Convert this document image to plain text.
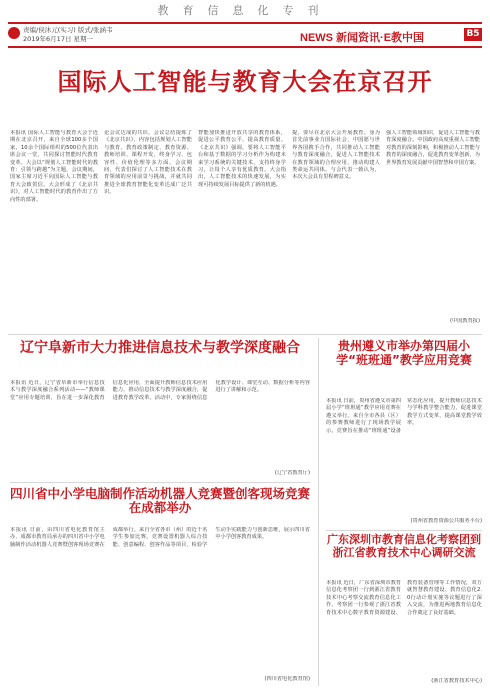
教育信息化专刊
责编/侯沐元(实习) 版式/张涵韦
2019年6月17日 星期一	NEWS 新闻资讯·E教中国	B5
国际人工智能与教育大会在京召开
本报讯 国际人工智能与教育大会于近期在北京召开，来自全球100多个国家、10余个国际组织的500位代表出席会议一堂，共同探讨智能时代教育变革。大会以“规划人工智能时代的教育：引领与跨越”为主题，会议期间，国家主席习近平向国际人工智能与教育大会致贺信。大会形成了《北京共识》，对人工智能时代的教育作出了方向性的部署。
论会议达成的共识，会议总结提炼了《北京共识》，内容包括规划人工智能与教育、教育政策制定、教育资源、教师培训、课程开发、终身学习、包容性、价值伦理等多方面。会议期间，代表们探讨了人工智能技术在教育领域的应用前景与挑战，并就共同推进全球教育智能化变革达成广泛共识。
智能加快推进开放共享的教育体系，促进公平教育公平，提高教育质量。《北京共识》强调，要将人工智能平台和基于数据的学习分析作为构建未来学习系统的关键技术，支持终身学习，让每个人享有优质教育。大会指出，人工智能技术的快速发展，为实现可持续发展目标提供了新的机遇。
提，要尽在北京大会开展教育。身为首先前事业力国际社会，中国愿与世界各国携手合作，共同推动人工智能与教育深度融合，促进人工智能技术在教育领域的合理应用，推动构建人类命运共同体。与会代表一致认为，本次大会具有里程碑意义。
强人工智能领域知识，促进人工智能与教育深度融合。中国政府高度重视人工智能对教育的深刻影响，积极推动人工智能与教育的深度融合，促进教育变革创新，为世界教育发展贡献中国智慧和中国方案。
(中国教育报)
辽宁阜新市大力推进信息技术与教学深度融合
本报讯 近日，辽宁省阜新市举行信息技术与教学深度融合系列活动——“教师课堂”应用专题培训，旨在进一步深化教育信息化应用，全面提升教师信息技术应用能力，推动信息技术与教学深度融合，促进教育教学改革。活动中，专家围绕信息化教学设计、课堂互动、数据分析等内容进行了讲解和示范。
(辽宁省教育厅)
四川省中小学电脑制作活动机器人竞赛暨创客现场竞赛在成都举办
本报讯 日前，由四川省电化教育馆主办、成都市教育局承办的四川省中小学电脑制作活动机器人竞赛暨创客现场竞赛在成都举行。来自全省各市（州）的近千名学生参加比赛。竞赛设置机器人综合技能、创意编程、创客作品等项目，检验学生动手实践能力与创新思维，展示四川省中小学创客教育成果。
(四川省电化教育馆)
贵州遵义市举办第四届小学“班班通”教学应用竞赛
本报讯 日前，贵州省遵义市第四届小学“班班通”教学应用竞赛在遵义举行。来自全市各县（区）的参赛教师进行了现场教学展示。竞赛旨在推动“班班通”设备常态化应用，提升教师信息技术与学科教学整合能力，促进课堂教学方式变革，提高课堂教学效率。
(贵州省教育资源公共服务平台)
广东深圳市教育信息化考察团到浙江省教育技术中心调研交流
本报讯 近日，广东省深圳市教育信息化考察团一行到浙江省教育技术中心考察交流教育信息化工作。考察团一行参观了浙江省教育技术中心数字教育资源建设、教育装备管理等工作情况，双方就智慧教育建设、教育信息化2.0行动计划实施等议题进行了深入交流，为推进两地教育信息化合作奠定了良好基础。
(浙江省教育技术中心)
